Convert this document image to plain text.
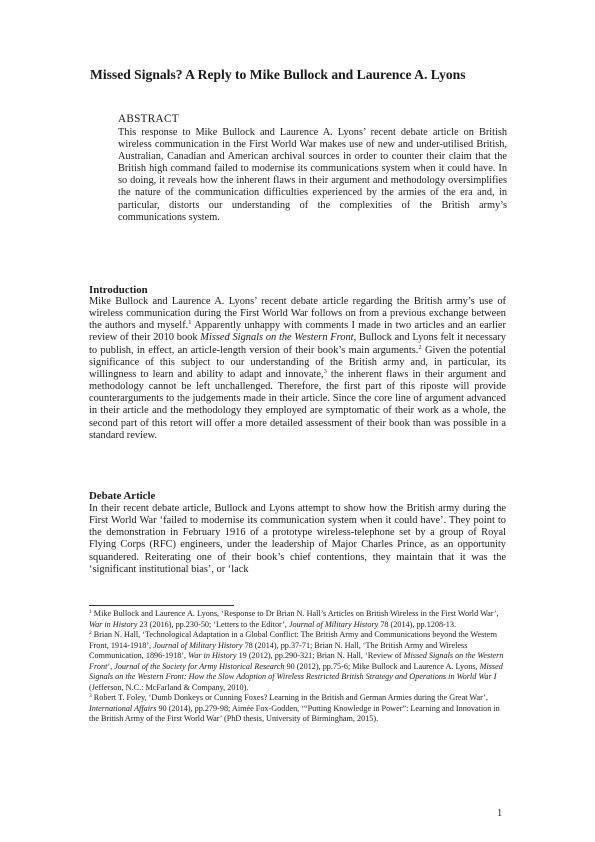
Missed Signals? A Reply to Mike Bullock and Laurence A. Lyons
ABSTRACT
This response to Mike Bullock and Laurence A. Lyons’ recent debate article on British wireless communication in the First World War makes use of new and under-utilised British, Australian, Canadian and American archival sources in order to counter their claim that the British high command failed to modernise its communications system when it could have. In so doing, it reveals how the inherent flaws in their argument and methodology oversimplifies the nature of the communication difficulties experienced by the armies of the era and, in particular, distorts our understanding of the complexities of the British army’s communications system.
Introduction
Mike Bullock and Laurence A. Lyons’ recent debate article regarding the British army’s use of wireless communication during the First World War follows on from a previous exchange between the authors and myself.$^1$ Apparently unhappy with comments I made in two articles and an earlier review of their 2010 book Missed Signals on the Western Front, Bullock and Lyons felt it necessary to publish, in effect, an article-length version of their book’s main arguments.$^2$ Given the potential significance of this subject to our understanding of the British army and, in particular, its willingness to learn and ability to adapt and innovate,$^3$ the inherent flaws in their argument and methodology cannot be left unchallenged. Therefore, the first part of this riposte will provide counterarguments to the judgements made in their article. Since the core line of argument advanced in their article and the methodology they employed are symptomatic of their work as a whole, the second part of this retort will offer a more detailed assessment of their book than was possible in a standard review.
Debate Article
In their recent debate article, Bullock and Lyons attempt to show how the British army during the First World War ‘failed to modernise its communication system when it could have’. They point to the demonstration in February 1916 of a prototype wireless-telephone set by a group of Royal Flying Corps (RFC) engineers, under the leadership of Major Charles Prince, as an opportunity squandered. Reiterating one of their book’s chief contentions, they maintain that it was the ‘significant institutional bias’, or ‘lack

$^1$ Mike Bullock and Laurence A. Lyons, ‘Response to Dr Brian N. Hall’s Articles on British Wireless in the First World War’, War in History 23 (2016), pp.230-50; ‘Letters to the Editor’, Journal of Military History 78 (2014), pp.1208-13.

$^2$ Brian N. Hall, ‘Technological Adaptation in a Global Conflict: The British Army and Communications beyond the Western Front, 1914-1918’, Journal of Military History 78 (2014), pp.37-71; Brian N. Hall, ‘The British Army and Wireless Communication, 1896-1918’, War in History 19 (2012), pp.290-321; Brian N. Hall, ‘Review of Missed Signals on the Western Front’, Journal of the Society for Army Historical Research 90 (2012), pp.75-6; Mike Bullock and Laurence A. Lyons, Missed Signals on the Western Front: How the Slow Adoption of Wireless Restricted British Strategy and Operations in World War I (Jefferson, N.C.: McFarland & Company, 2010).

$^3$ Robert T. Foley, ‘Dumb Donkeys or Cunning Foxes? Learning in the British and German Armies during the Great War’, International Affairs 90 (2014), pp.279-98; Aimée Fox-Godden, ‘“Putting Knowledge in Power”: Learning and Innovation in the British Army of the First World War’ (PhD thesis, University of Birmingham, 2015).

1
